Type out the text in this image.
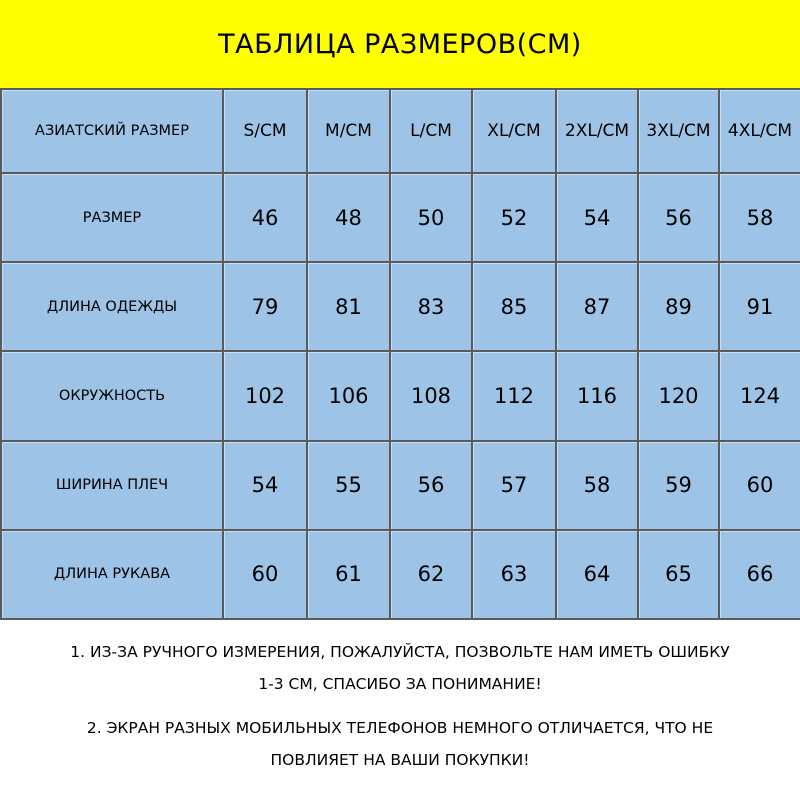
ТАБЛИЦА РАЗМЕРОВ(CM)
АЗИАТСКИЙ РАЗМЕР	S/CM	M/CM	L/CM	XL/CM	2XL/CM	3XL/CM	4XL/CM
РАЗМЕР	46	48	50	52	54	56	58
ДЛИНА ОДЕЖДЫ	79	81	83	85	87	89	91
ОКРУЖНОСТЬ	102	106	108	112	116	120	124
ШИРИНА ПЛЕЧ	54	55	56	57	58	59	60
ДЛИНА РУКАВА	60	61	62	63	64	65	66

1. ИЗ-ЗА РУЧНОГО ИЗМЕРЕНИЯ, ПОЖАЛУЙСТА, ПОЗВОЛЬТЕ НАМ ИМЕТЬ ОШИБКУ
1-3 СМ, СПАСИБО ЗА ПОНИМАНИЕ!

2. ЭКРАН РАЗНЫХ МОБИЛЬНЫХ ТЕЛЕФОНОВ НЕМНОГО ОТЛИЧАЕТСЯ, ЧТО НЕ
ПОВЛИЯЕТ НА ВАШИ ПОКУПКИ!
